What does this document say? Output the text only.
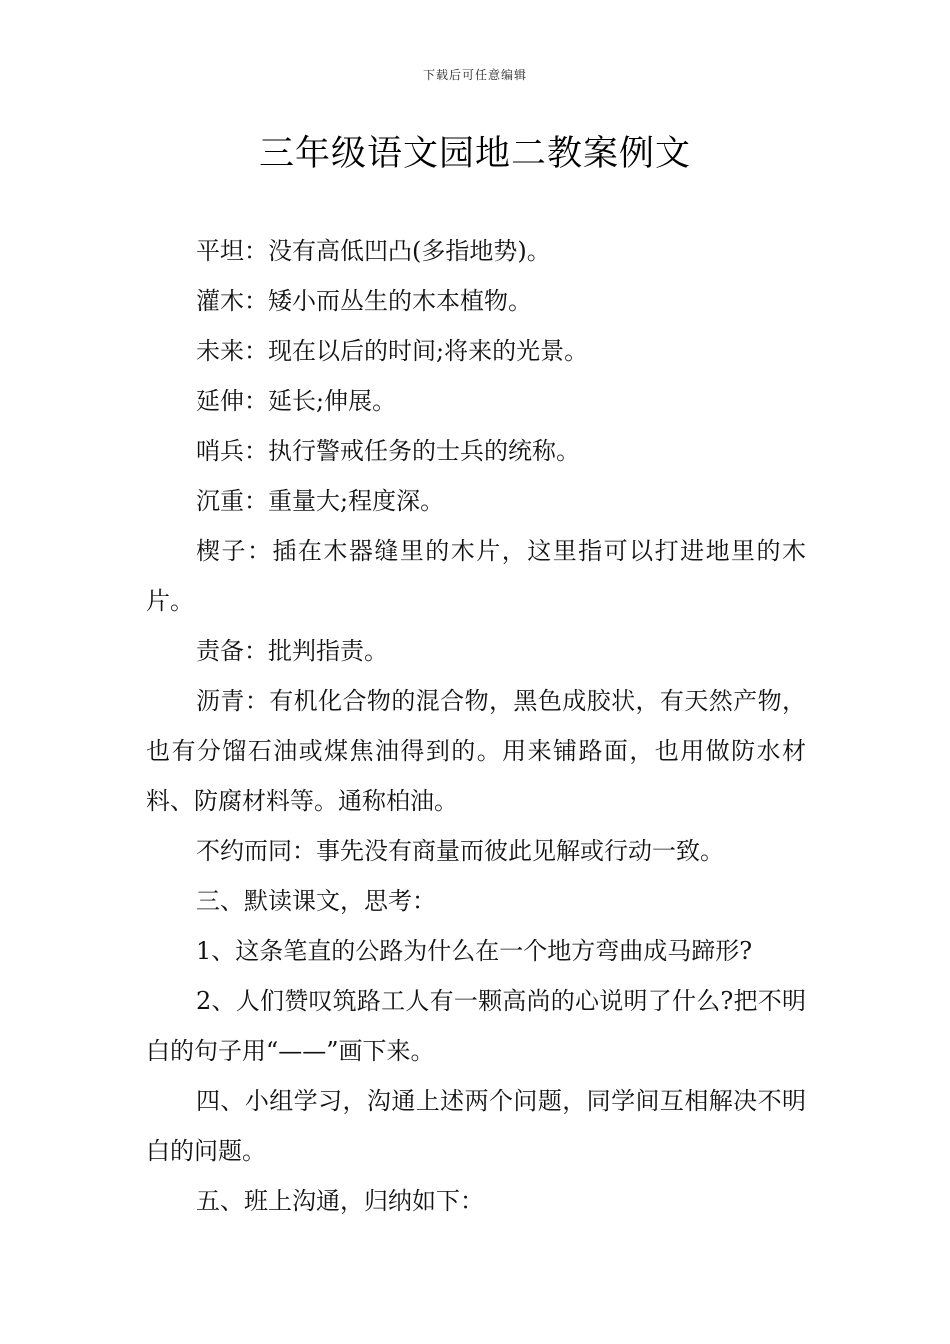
下载后可任意编辑
三年级语文园地二教案例文

平坦：没有高低凹凸(多指地势)。

灌木：矮小而丛生的木本植物。

未来：现在以后的时间;将来的光景。

延伸：延长;伸展。

哨兵：执行警戒任务的士兵的统称。

沉重：重量大;程度深。

楔子：插在木器缝里的木片，这里指可以打进地里的木片。

责备：批判指责。

沥青：有机化合物的混合物，黑色成胶状，有天然产物，也有分馏石油或煤焦油得到的。用来铺路面，也用做防水材料、防腐材料等。通称柏油。

不约而同：事先没有商量而彼此见解或行动一致。

三、默读课文，思考：

1、这条笔直的公路为什么在一个地方弯曲成马蹄形?

2、人们赞叹筑路工人有一颗高尚的心说明了什么?把不明白的句子用“——”画下来。

四、小组学习，沟通上述两个问题，同学间互相解决不明白的问题。

五、班上沟通，归纳如下：
